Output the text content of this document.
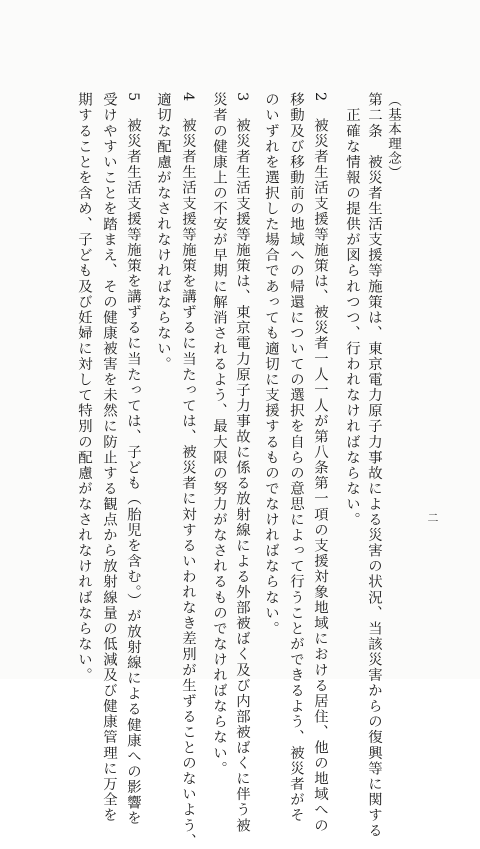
（基本理念）
第二条　被災者生活支援等施策は、東京電力原子力事故による災害の状況、当該災害からの復興等に関する
　正確な情報の提供が図られつつ、行われなければならない。
2　被災者生活支援等施策は、被災者一人一人が第八条第一項の支援対象地域における居住、他の地域への
移動及び移動前の地域への帰還についての選択を自らの意思によって行うことができるよう、被災者がそ
のいずれを選択した場合であっても適切に支援するものでなければならない。
3　被災者生活支援等施策は、東京電力原子力事故に係る放射線による外部被ばく及び内部被ばくに伴う被
災者の健康上の不安が早期に解消されるよう、最大限の努力がなされるものでなければならない。
4　被災者生活支援等施策を講ずるに当たっては、被災者に対するいわれなき差別が生ずることのないよう、
適切な配慮がなされなければならない。
5　被災者生活支援等施策を講ずるに当たっては、子ども（胎児を含む。）が放射線による健康への影響を
受けやすいことを踏まえ、その健康被害を未然に防止する観点から放射線量の低減及び健康管理に万全を
期することを含め、子ども及び妊婦に対して特別の配慮がなされなければならない。	二
